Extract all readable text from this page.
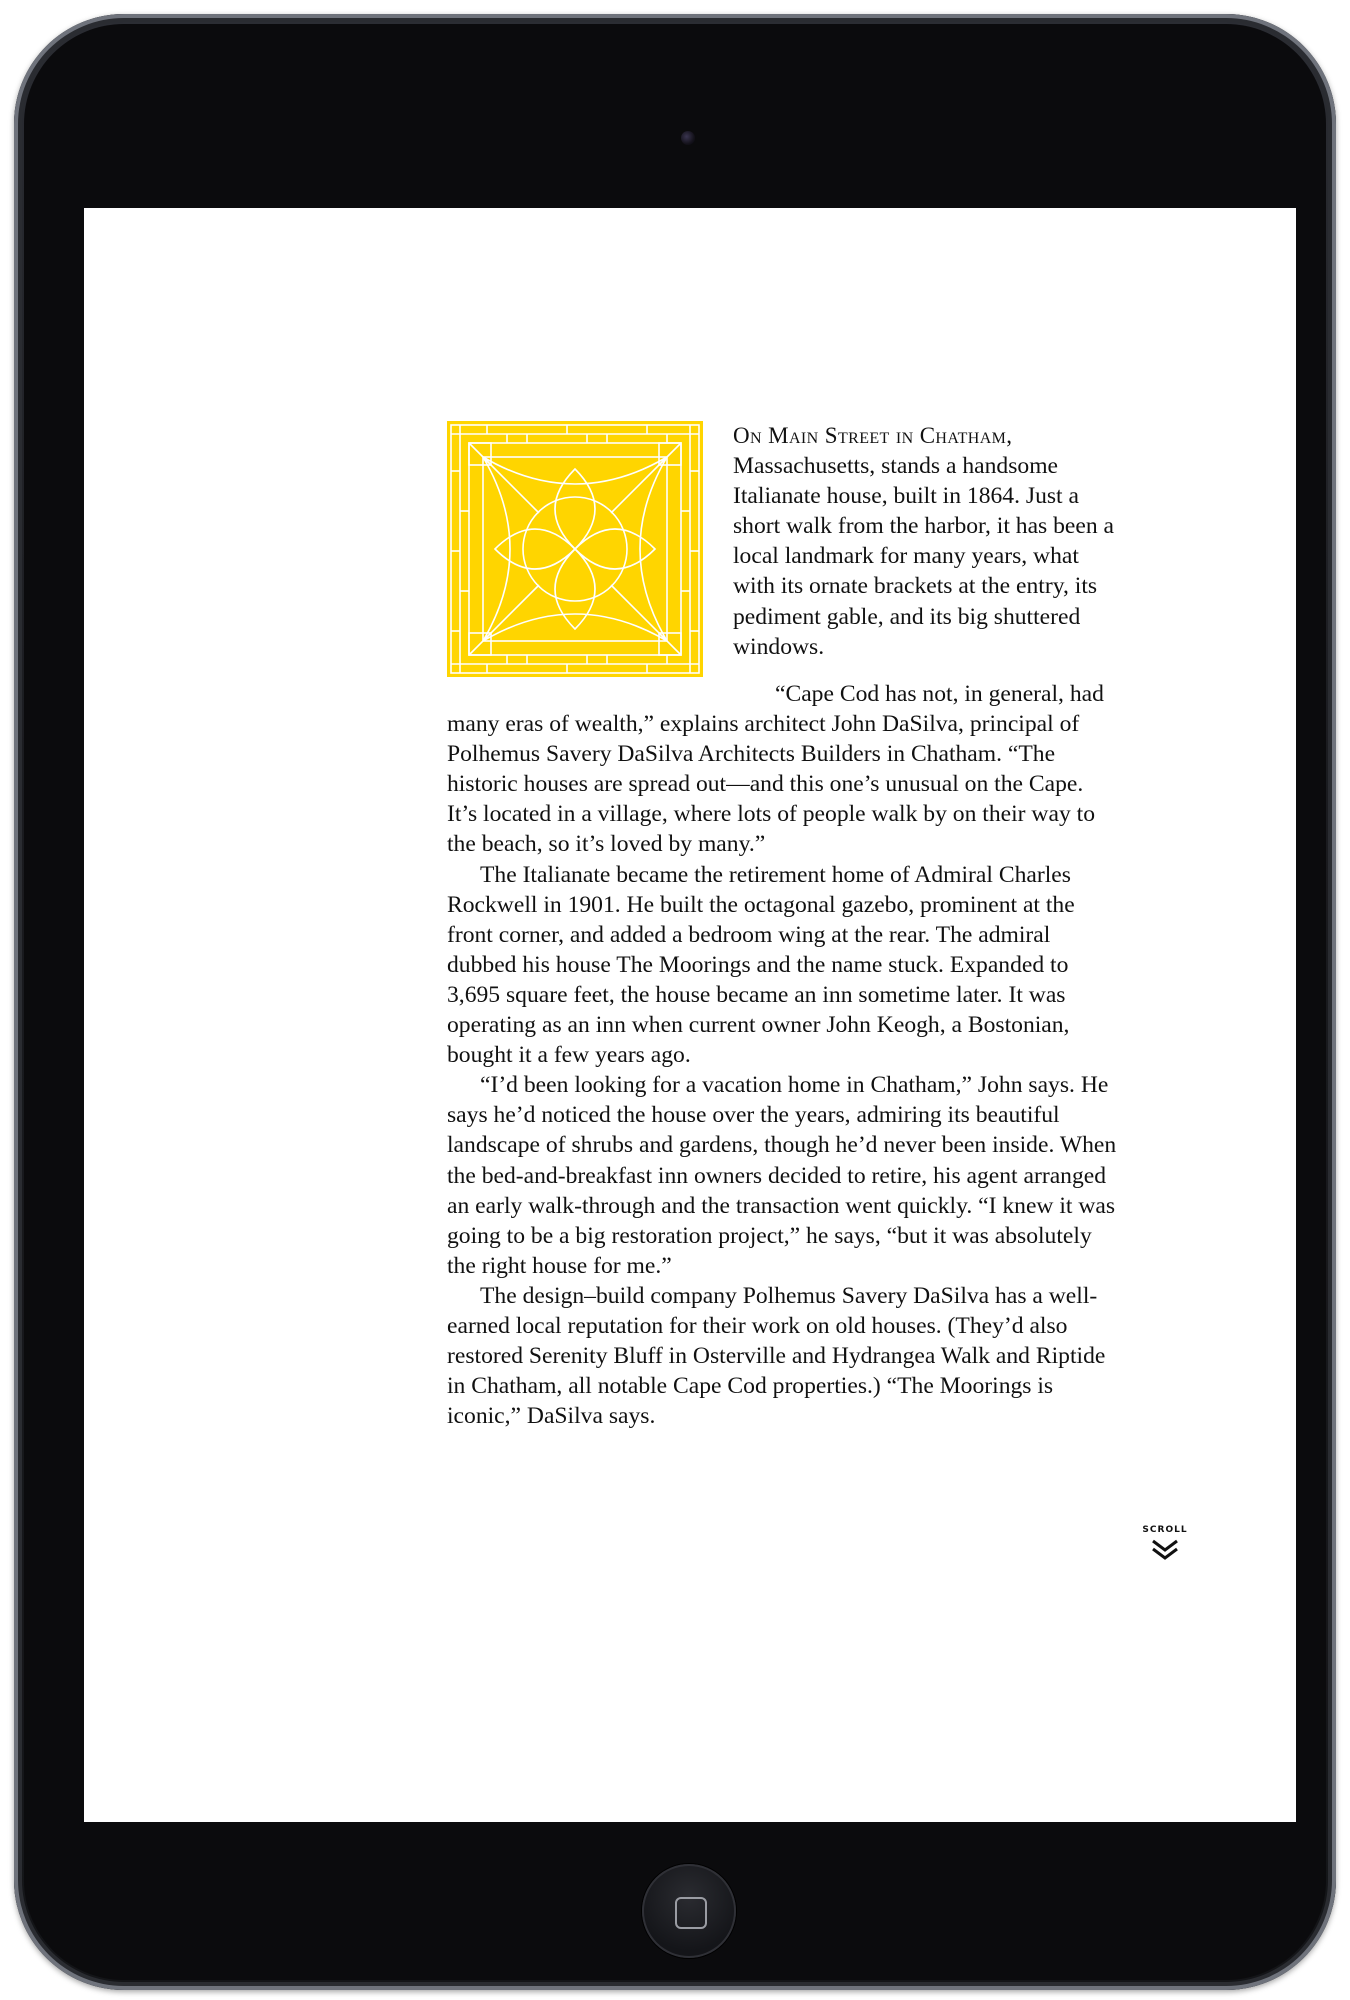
On Main Street in Chatham, Massachusetts, stands a handsome Italianate house, built in 1864. Just a short walk from the harbor, it has been a local landmark for many years, what with its ornate brackets at the entry, its pediment gable, and its big shuttered windows.

“Cape Cod has not, in general, had many eras of wealth,” explains architect John DaSilva, principal of Polhemus Savery DaSilva Architects Builders in Chatham. “The historic houses are spread out—and this one’s unusual on the Cape. It’s located in a village, where lots of people walk by on their way to the beach, so it’s loved by many.”

The Italianate became the retirement home of Admiral Charles Rockwell in 1901. He built the octagonal gazebo, prominent at the front corner, and added a bedroom wing at the rear. The admiral dubbed his house The Moorings and the name stuck. Expanded to 3,695 square feet, the house became an inn sometime later. It was operating as an inn when current owner John Keogh, a Bostonian, bought it a few years ago.

“I’d been looking for a vacation home in Chatham,” John says. He says he’d noticed the house over the years, admiring its beautiful landscape of shrubs and gardens, though he’d never been inside. When the bed-and-breakfast inn owners decided to retire, his agent arranged an early walk-through and the transaction went quickly. “I knew it was going to be a big restoration project,” he says, “but it was absolutely the right house for me.”

The design–build company Polhemus Savery DaSilva has a well-earned local reputation for their work on old houses. (They’d also restored Serenity Bluff in Osterville and Hydrangea Walk and Riptide in Chatham, all notable Cape Cod properties.) “The Moorings is iconic,” DaSilva says.

SCROLL
